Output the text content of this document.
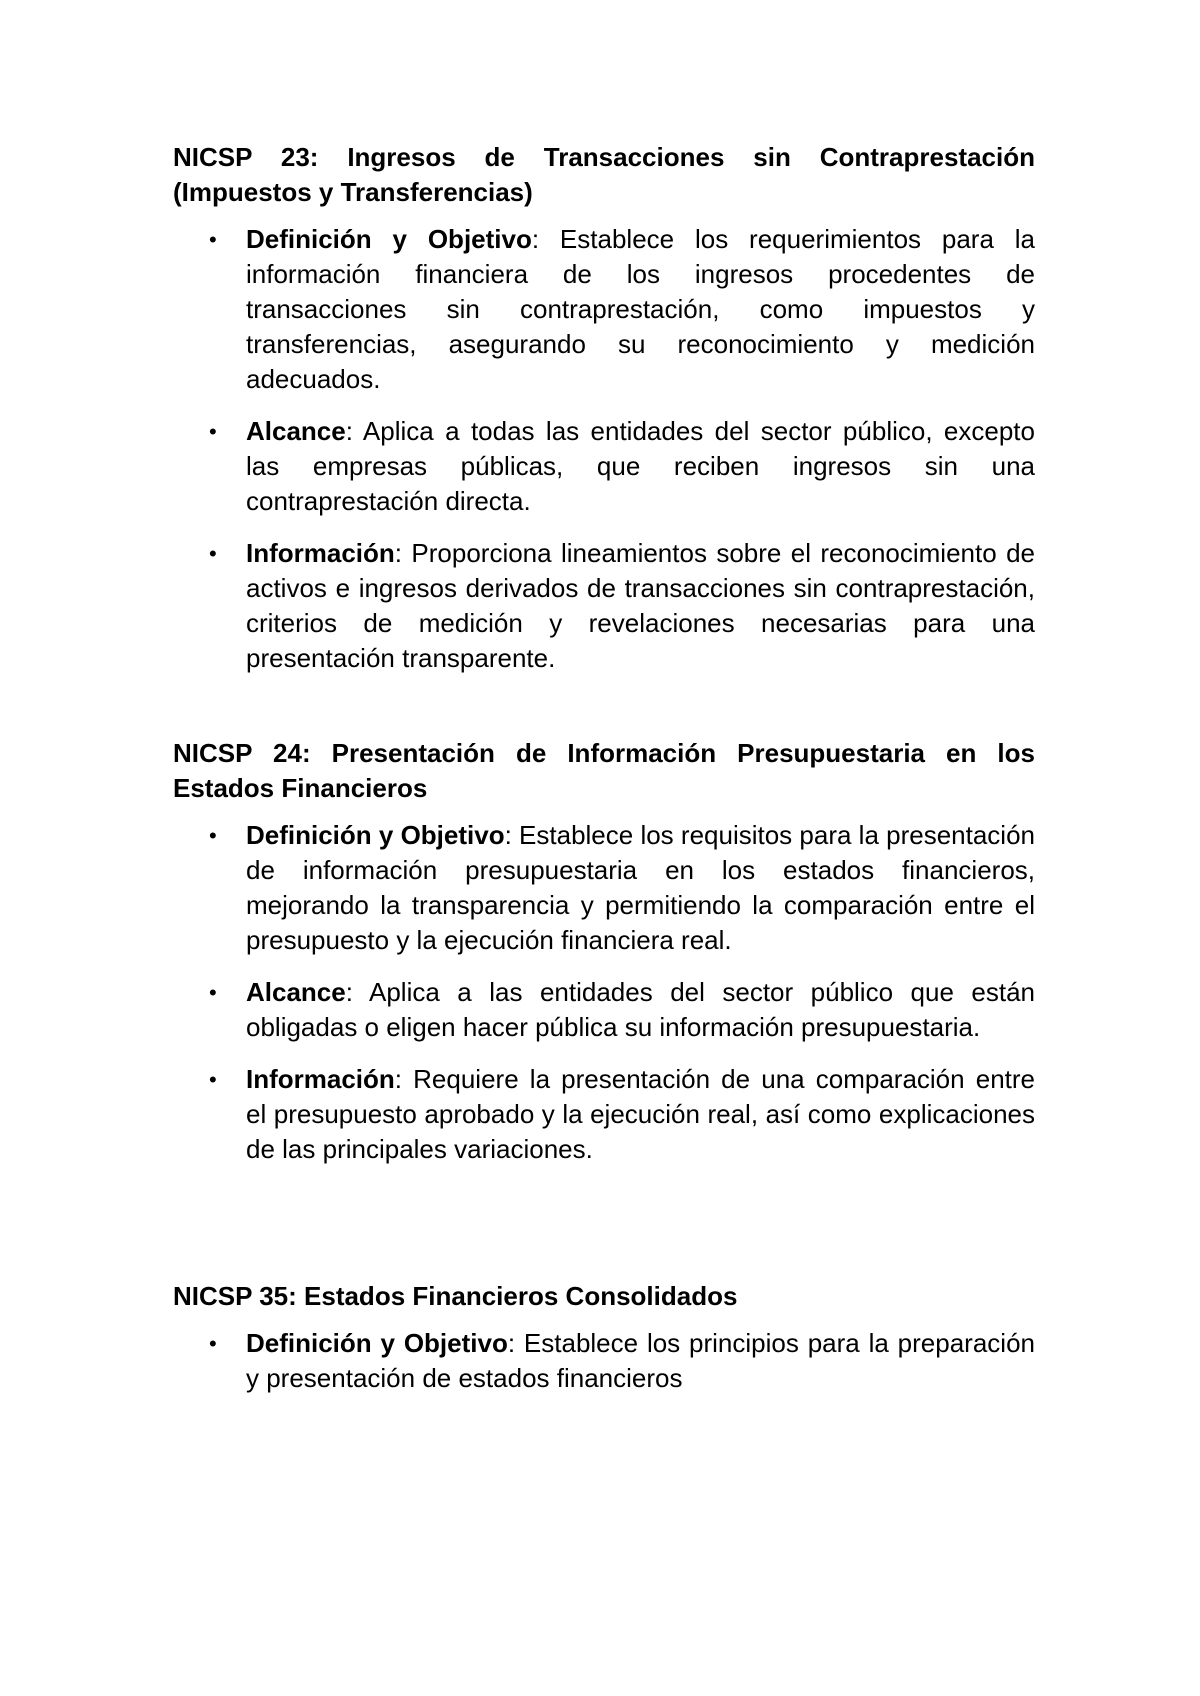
NICSP 23: Ingresos de Transacciones sin Contraprestación (Impuestos y Transferencias)
• Definición y Objetivo: Establece los requerimientos para la información financiera de los ingresos procedentes de transacciones sin contraprestación, como impuestos y transferencias, asegurando su reconocimiento y medición adecuados.
• Alcance: Aplica a todas las entidades del sector público, excepto las empresas públicas, que reciben ingresos sin una contraprestación directa.
• Información: Proporciona lineamientos sobre el reconocimiento de activos e ingresos derivados de transacciones sin contraprestación, criterios de medición y revelaciones necesarias para una presentación transparente.
NICSP 24: Presentación de Información Presupuestaria en los Estados Financieros
• Definición y Objetivo: Establece los requisitos para la presentación de información presupuestaria en los estados financieros, mejorando la transparencia y permitiendo la comparación entre el presupuesto y la ejecución financiera real.
• Alcance: Aplica a las entidades del sector público que están obligadas o eligen hacer pública su información presupuestaria.
• Información: Requiere la presentación de una comparación entre el presupuesto aprobado y la ejecución real, así como explicaciones de las principales variaciones.
NICSP 35: Estados Financieros Consolidados
• Definición y Objetivo: Establece los principios para la preparación y presentación de estados financieros
